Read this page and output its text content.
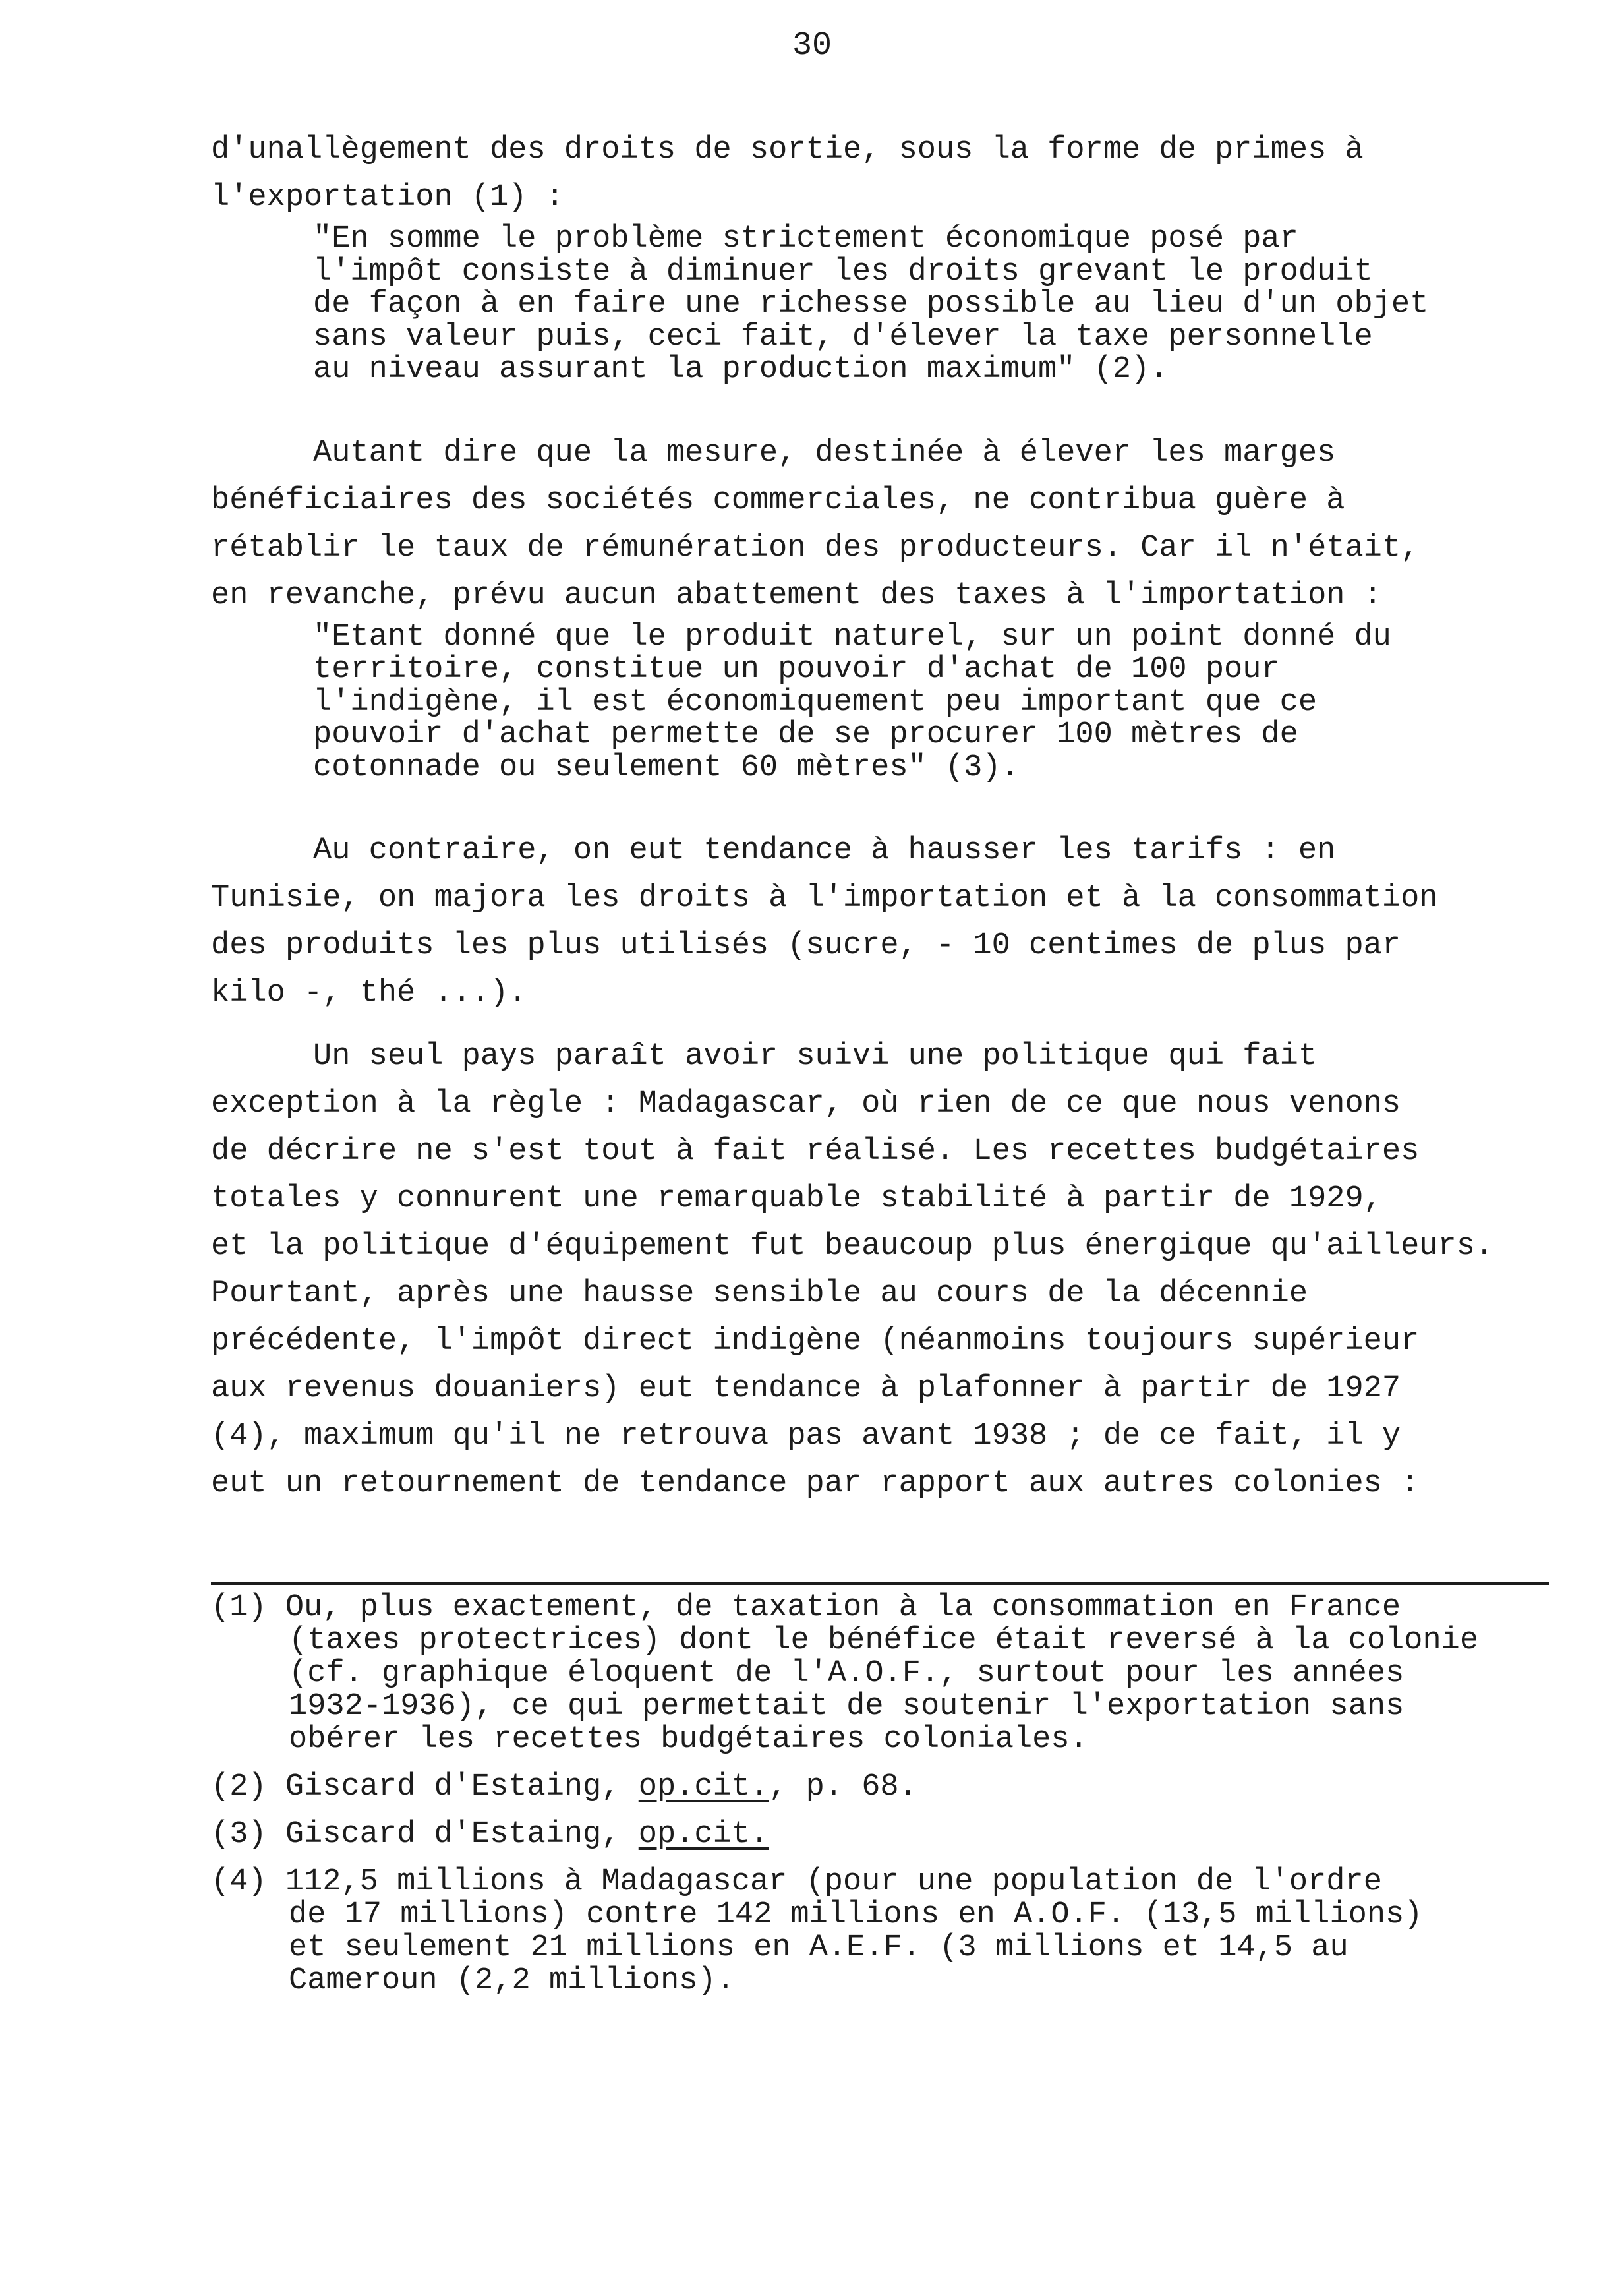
30
d'unallègement des droits de sortie, sous la forme de primes à
l'exportation (1) :
"En somme le problème strictement économique posé par
l'impôt consiste à diminuer les droits grevant le produit
de façon à en faire une richesse possible au lieu d'un objet
sans valeur puis, ceci fait, d'élever la taxe personnelle
au niveau assurant la production maximum" (2).
Autant dire que la mesure, destinée à élever les marges
bénéficiaires des sociétés commerciales, ne contribua guère à
rétablir le taux de rémunération des producteurs. Car il n'était,
en revanche, prévu aucun abattement des taxes à l'importation :
"Etant donné que le produit naturel, sur un point donné du
territoire, constitue un pouvoir d'achat de 100 pour
l'indigène, il est économiquement peu important que ce
pouvoir d'achat permette de se procurer 100 mètres de
cotonnade ou seulement 60 mètres" (3).
Au contraire, on eut tendance à hausser les tarifs : en
Tunisie, on majora les droits à l'importation et à la consommation
des produits les plus utilisés (sucre, - 10 centimes de plus par
kilo -, thé ...).
Un seul pays paraît avoir suivi une politique qui fait
exception à la règle : Madagascar, où rien de ce que nous venons
de décrire ne s'est tout à fait réalisé. Les recettes budgétaires
totales y connurent une remarquable stabilité à partir de 1929,
et la politique d'équipement fut beaucoup plus énergique qu'ailleurs.
Pourtant, après une hausse sensible au cours de la décennie
précédente, l'impôt direct indigène (néanmoins toujours supérieur
aux revenus douaniers) eut tendance à plafonner à partir de 1927
(4), maximum qu'il ne retrouva pas avant 1938 ; de ce fait, il y
eut un retournement de tendance par rapport aux autres colonies :
(1) Ou, plus exactement, de taxation à la consommation en France
(taxes protectrices) dont le bénéfice était reversé à la colonie
(cf. graphique éloquent de l'A.O.F., surtout pour les années
1932-1936), ce qui permettait de soutenir l'exportation sans
obérer les recettes budgétaires coloniales.
(2) Giscard d'Estaing, op.cit., p. 68.
(3) Giscard d'Estaing, op.cit.
(4) 112,5 millions à Madagascar (pour une population de l'ordre
de 17 millions) contre 142 millions en A.O.F. (13,5 millions)
et seulement 21 millions en A.E.F. (3 millions et 14,5 au
Cameroun (2,2 millions).
